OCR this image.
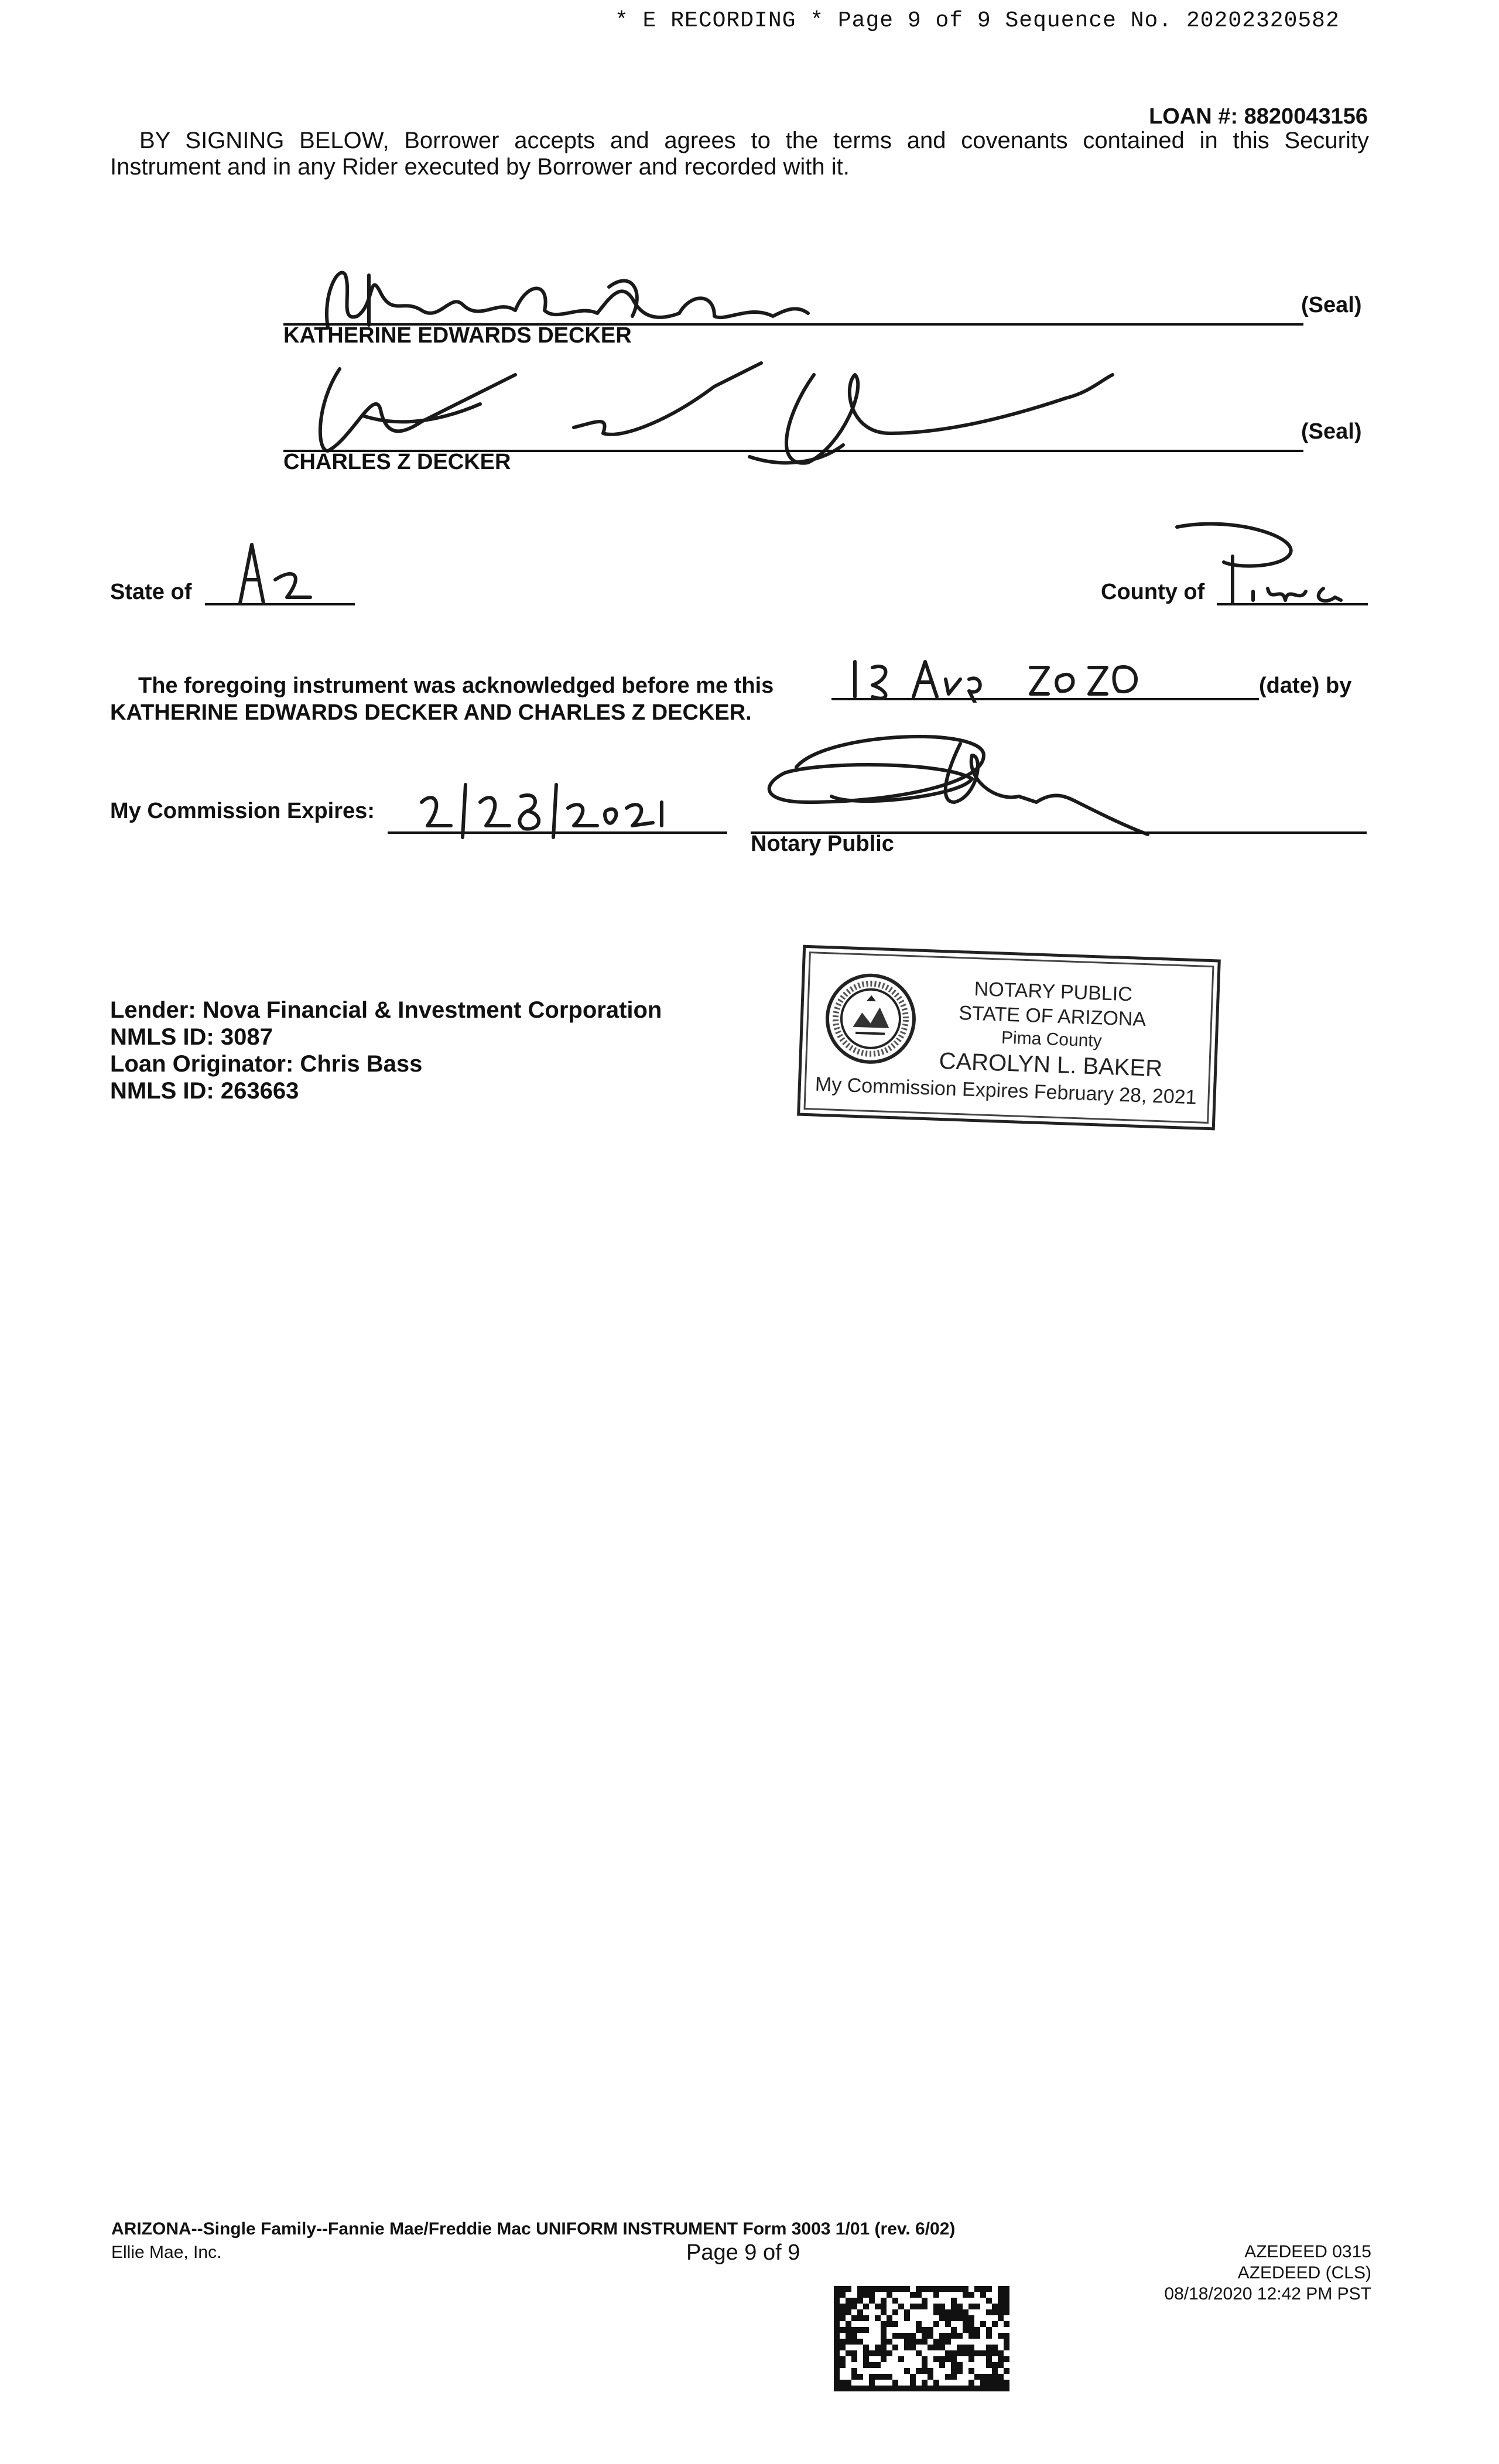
* E RECORDING * Page 9 of 9 Sequence No. 20202320582
LOAN #: 8820043156
BY SIGNING BELOW, Borrower accepts and agrees to the terms and covenants contained in this Security
Instrument and in any Rider executed by Borrower and recorded with it.
KATHERINE EDWARDS DECKER
(Seal)
CHARLES Z DECKER
(Seal)
State of	County of
The foregoing instrument was acknowledged before me this	(date) by
KATHERINE EDWARDS DECKER AND CHARLES Z DECKER.
My Commission Expires:
Notary Public
NOTARY PUBLIC
STATE OF ARIZONA
Pima County
CAROLYN L. BAKER
My Commission Expires February 28, 2021
Lender: Nova Financial & Investment Corporation
NMLS ID: 3087
Loan Originator: Chris Bass
NMLS ID: 263663
ARIZONA--Single Family--Fannie Mae/Freddie Mac UNIFORM INSTRUMENT Form 3003 1/01 (rev. 6/02)
Ellie Mae, Inc.	Page 9 of 9	AZEDEED 0315
AZEDEED (CLS)
08/18/2020 12:42 PM PST
